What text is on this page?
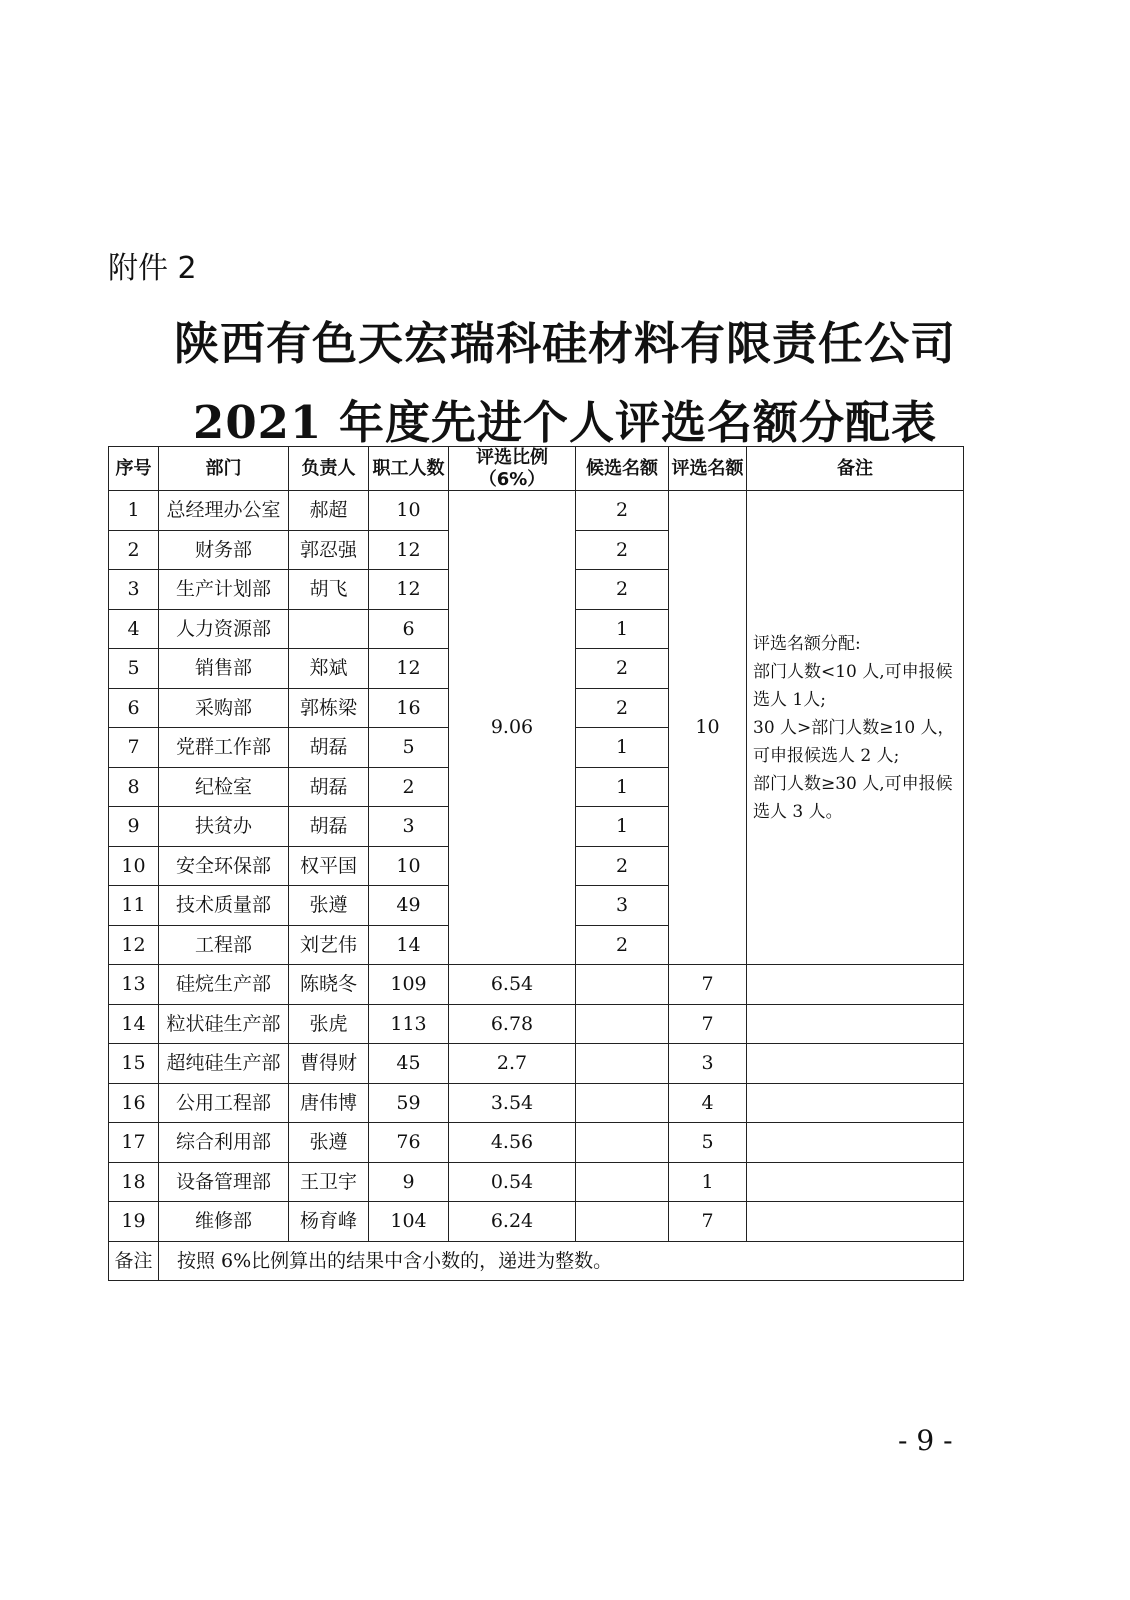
附件 2
陕西有色天宏瑞科硅材料有限责任公司
2021 年度先进个人评选名额分配表
序号	部门	负责人	职工人数	评选比例（6%）	候选名额	评选名额	备注
1	总经理办公室	郝超	10	9.06	2	10	评选名额分配:
部门人数<10 人,可申报候选人 1人;
30 人>部门人数≥10 人，可申报候选人 2 人;
部门人数≥30 人,可申报候选人 3 人。

2	财务部	郭忍强	12		2		
3	生产计划部	胡飞	12		2		
4	人力资源部		6		1		
5	销售部	郑斌	12		2		
6	采购部	郭栋梁	16		2		
7	党群工作部	胡磊	5		1		
8	纪检室	胡磊	2		1		
9	扶贫办	胡磊	3		1		
10	安全环保部	权平国	10		2		
11	技术质量部	张遵	49		3		
12	工程部	刘艺伟	14		2		
13	硅烷生产部	陈晓冬	109	6.54		7	
14	粒状硅生产部	张虎	113	6.78		7	
15	超纯硅生产部	曹得财	45	2.7		3	
16	公用工程部	唐伟博	59	3.54		4	
17	综合利用部	张遵	76	4.56		5	
18	设备管理部	王卫宇	9	0.54		1	
19	维修部	杨育峰	104	6.24		7	
备注	按照 6%比例算出的结果中含小数的，递进为整数。						
- 9 -
